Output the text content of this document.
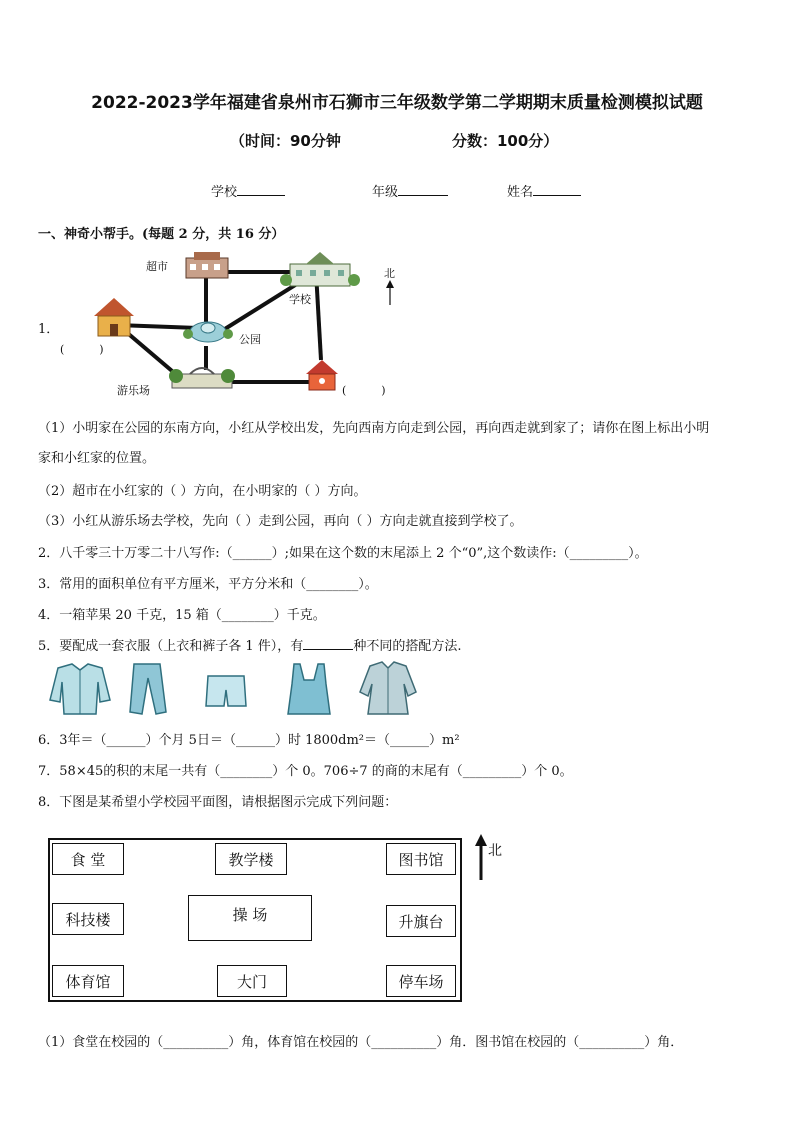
2022-2023学年福建省泉州市石狮市三年级数学第二学期期末质量检测模拟试题
（时间：90分钟	分数：100分）
学校	年级	姓名
一、神奇小帮手。(每题 2 分，共 16 分）
1．
超市
学校
公园
游乐场
北
(          )
(          )
（1）小明家在公园的东南方向，小红从学校出发，先向西南方向走到公园，再向西走就到家了；请你在图上标出小明
家和小红家的位置。
（2）超市在小红家的（ ）方向，在小明家的（ ）方向。
（3）小红从游乐场去学校，先向（ ）走到公园，再向（ ）方向走就直接到学校了。
2．八千零三十万零二十八写作:（______）;如果在这个数的末尾添上 2 个“0”,这个数读作:（_________）。
3．常用的面积单位有平方厘米，平方分米和（________）。
4．一箱苹果 20 千克，15 箱（________）千克。
5．要配成一套衣服（上衣和裤子各 1 件），有	种不同的搭配方法.
6．3年＝（______）个月 5日＝（______）时 1800dm²＝（______）m²
7．58×45的积的末尾一共有（________）个 0。706÷7 的商的末尾有（_________）个 0。
8．下图是某希望小学校园平面图，请根据图示完成下列问题：
食 堂	教学楼	图书馆
科技楼	操 场	升旗台
体育馆	大门	停车场
北
（1）食堂在校园的（__________）角，体育馆在校园的（__________）角．图书馆在校园的（__________）角．
